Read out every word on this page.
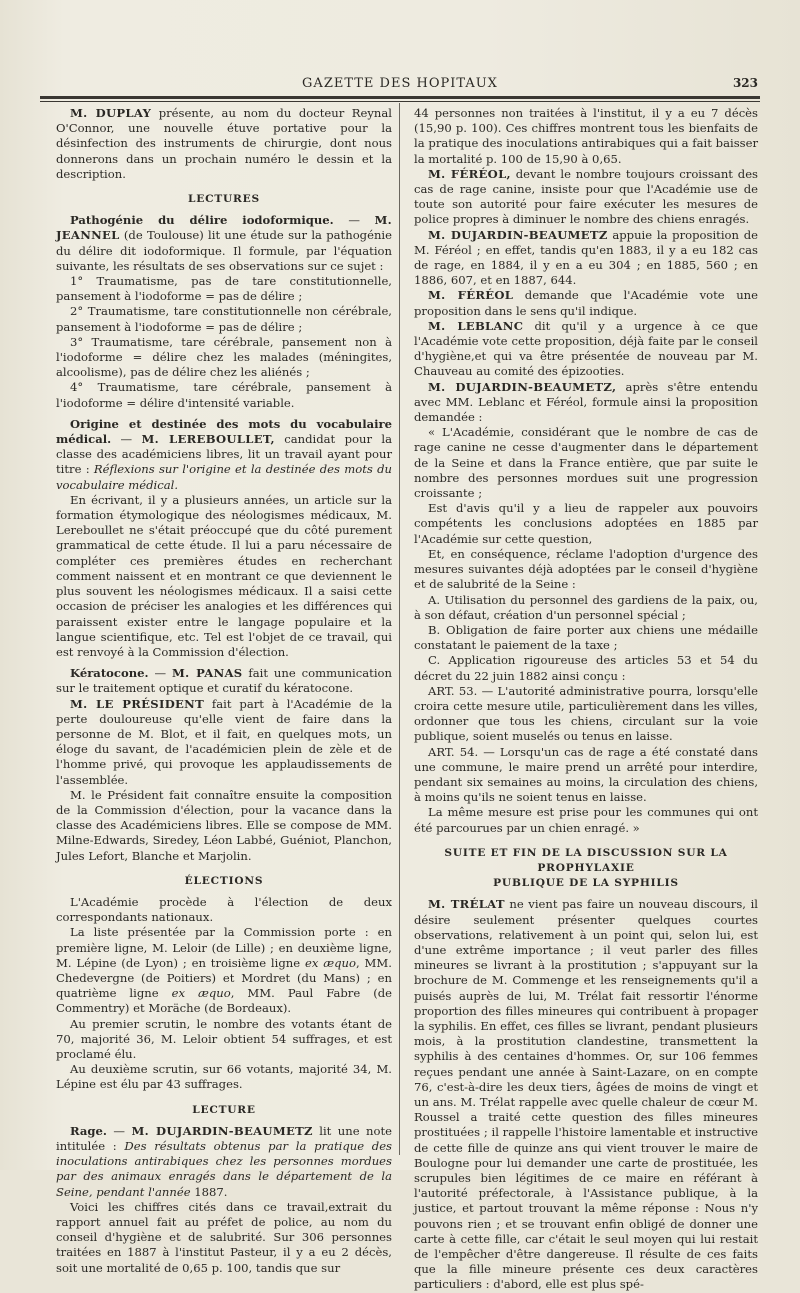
GAZETTE DES HOPITAUX	323

M. DUPLAY présente, au nom du docteur Reynal O'Connor, une nouvelle étuve portative pour la désinfection des instruments de chirurgie, dont nous donnerons dans un prochain numéro le dessin et la description.

LECTURES

Pathogénie du délire iodoformique. — M. JEANNEL (de Toulouse) lit une étude sur la pathogénie du délire dit iodoformique. Il formule, par l'équation suivante, les résultats de ses observations sur ce sujet :

1° Traumatisme, pas de tare constitutionnelle, pansement à l'iodoforme = pas de délire ;

2° Traumatisme, tare constitutionnelle non cérébrale, pansement à l'iodoforme = pas de délire ;

3° Traumatisme, tare cérébrale, pansement non à l'iodoforme = délire chez les malades (méningites, alcoolisme), pas de délire chez les aliénés ;

4° Traumatisme, tare cérébrale, pansement à l'iodoforme = délire d'intensité variable.

Origine et destinée des mots du vocabulaire médical. — M. LEREBOULLET, candidat pour la classe des académiciens libres, lit un travail ayant pour titre : Réflexions sur l'origine et la destinée des mots du vocabulaire médical.

En écrivant, il y a plusieurs années, un article sur la formation étymologique des néologismes médicaux, M. Lereboullet ne s'était préoccupé que du côté purement grammatical de cette étude. Il lui a paru nécessaire de compléter ces premières études en recherchant comment naissent et en montrant ce que deviennent le plus souvent les néologismes médicaux. Il a saisi cette occasion de préciser les analogies et les différences qui paraissent exister entre le langage populaire et la langue scientifique, etc. Tel est l'objet de ce travail, qui est renvoyé à la Commission d'élection.

Kératocone. — M. PANAS fait une communication sur le traitement optique et curatif du kératocone.

M. LE PRÉSIDENT fait part à l'Académie de la perte douloureuse qu'elle vient de faire dans la personne de M. Blot, et il fait, en quelques mots, un éloge du savant, de l'académicien plein de zèle et de l'homme privé, qui provoque les applaudissements de l'assemblée.

M. le Président fait connaître ensuite la composition de la Commission d'élection, pour la vacance dans la classe des Académiciens libres. Elle se compose de MM. Milne-Edwards, Siredey, Léon Labbé, Guéniot, Planchon, Jules Lefort, Blanche et Marjolin.

ÉLECTIONS

L'Académie procède à l'élection de deux correspondants nationaux.

La liste présentée par la Commission porte : en première ligne, M. Leloir (de Lille) ; en deuxième ligne, M. Lépine (de Lyon) ; en troisième ligne ex æquo, MM. Chedevergne (de Poitiers) et Mordret (du Mans) ; en quatrième ligne ex æquo, MM. Paul Fabre (de Commentry) et Moräche (de Bordeaux).

Au premier scrutin, le nombre des votants étant de 70, majorité 36, M. Leloir obtient 54 suffrages, et est proclamé élu.

Au deuxième scrutin, sur 66 votants, majorité 34, M. Lépine est élu par 43 suffrages.

LECTURE

Rage. — M. DUJARDIN-BEAUMETZ lit une note intitulée : Des résultats obtenus par la pratique des inoculations antirabiques chez les personnes mordues par des animaux enragés dans le département de la Seine, pendant l'année 1887.

Voici les chiffres cités dans ce travail,extrait du rapport annuel fait au préfet de police, au nom du conseil d'hygiène et de salubrité. Sur 306 personnes traitées en 1887 à l'institut Pasteur, il y a eu 2 décès, soit une mortalité de 0,65 p. 100, tandis que sur

44 personnes non traitées à l'institut, il y a eu 7 décès (15,90 p. 100). Ces chiffres montrent tous les bienfaits de la pratique des inoculations antirabiques qui a fait baisser la mortalité p. 100 de 15,90 à 0,65.

M. FÉRÉOL, devant le nombre toujours croissant des cas de rage canine, insiste pour que l'Académie use de toute son autorité pour faire exécuter les mesures de police propres à diminuer le nombre des chiens enragés.

M. DUJARDIN-BEAUMETZ appuie la proposition de M. Féréol ; en effet, tandis qu'en 1883, il y a eu 182 cas de rage, en 1884, il y en a eu 304 ; en 1885, 560 ; en 1886, 607, et en 1887, 644.

M. FÉRÉOL demande que l'Académie vote une proposition dans le sens qu'il indique.

M. LEBLANC dit qu'il y a urgence à ce que l'Académie vote cette proposition, déjà faite par le conseil d'hygiène,et qui va être présentée de nouveau par M. Chauveau au comité des épizooties.

M. DUJARDIN-BEAUMETZ, après s'être entendu avec MM. Leblanc et Féréol, formule ainsi la proposition demandée :

« L'Académie, considérant que le nombre de cas de rage canine ne cesse d'augmenter dans le département de la Seine et dans la France entière, que par suite le nombre des personnes mordues suit une progression croissante ;

Est d'avis qu'il y a lieu de rappeler aux pouvoirs compétents les conclusions adoptées en 1885 par l'Académie sur cette question,

Et, en conséquence, réclame l'adoption d'urgence des mesures suivantes déjà adoptées par le conseil d'hygiène et de salubrité de la Seine :

A. Utilisation du personnel des gardiens de la paix, ou, à son défaut, création d'un personnel spécial ;

B. Obligation de faire porter aux chiens une médaille constatant le paiement de la taxe ;

C. Application rigoureuse des articles 53 et 54 du décret du 22 juin 1882 ainsi conçu :

ART. 53. — L'autorité administrative pourra, lorsqu'elle croira cette mesure utile, particulièrement dans les villes, ordonner que tous les chiens, circulant sur la voie publique, soient muselés ou tenus en laisse.

ART. 54. — Lorsqu'un cas de rage a été constaté dans une commune, le maire prend un arrêté pour interdire, pendant six semaines au moins, la circulation des chiens, à moins qu'ils ne soient tenus en laisse.

La même mesure est prise pour les communes qui ont été parcourues par un chien enragé. »

SUITE ET FIN DE LA DISCUSSION SUR LA PROPHYLAXIE
PUBLIQUE DE LA SYPHILIS

M. TRÉLAT ne vient pas faire un nouveau discours, il désire seulement présenter quelques courtes observations, relativement à un point qui, selon lui, est d'une extrême importance ; il veut parler des filles mineures se livrant à la prostitution ; s'appuyant sur la brochure de M. Commenge et les renseignements qu'il a puisés auprès de lui, M. Trélat fait ressortir l'énorme proportion des filles mineures qui contribuent à propager la syphilis. En effet, ces filles se livrant, pendant plusieurs mois, à la prostitution clandestine, transmettent la syphilis à des centaines d'hommes. Or, sur 106 femmes reçues pendant une année à Saint-Lazare, on en compte 76, c'est-à-dire les deux tiers, âgées de moins de vingt et un ans. M. Trélat rappelle avec quelle chaleur de cœur M. Roussel a traité cette question des filles mineures prostituées ; il rappelle l'histoire lamentable et instructive de cette fille de quinze ans qui vient trouver le maire de Boulogne pour lui demander une carte de prostituée, les scrupules bien légitimes de ce maire en référant à l'autorité préfectorale, à l'Assistance publique, à la justice, et partout trouvant la même réponse : Nous n'y pouvons rien ; et se trouvant enfin obligé de donner une carte à cette fille, car c'était le seul moyen qui lui restait de l'empêcher d'être dangereuse. Il résulte de ces faits que la fille mineure présente ces deux caractères particuliers : d'abord, elle est plus spé-
